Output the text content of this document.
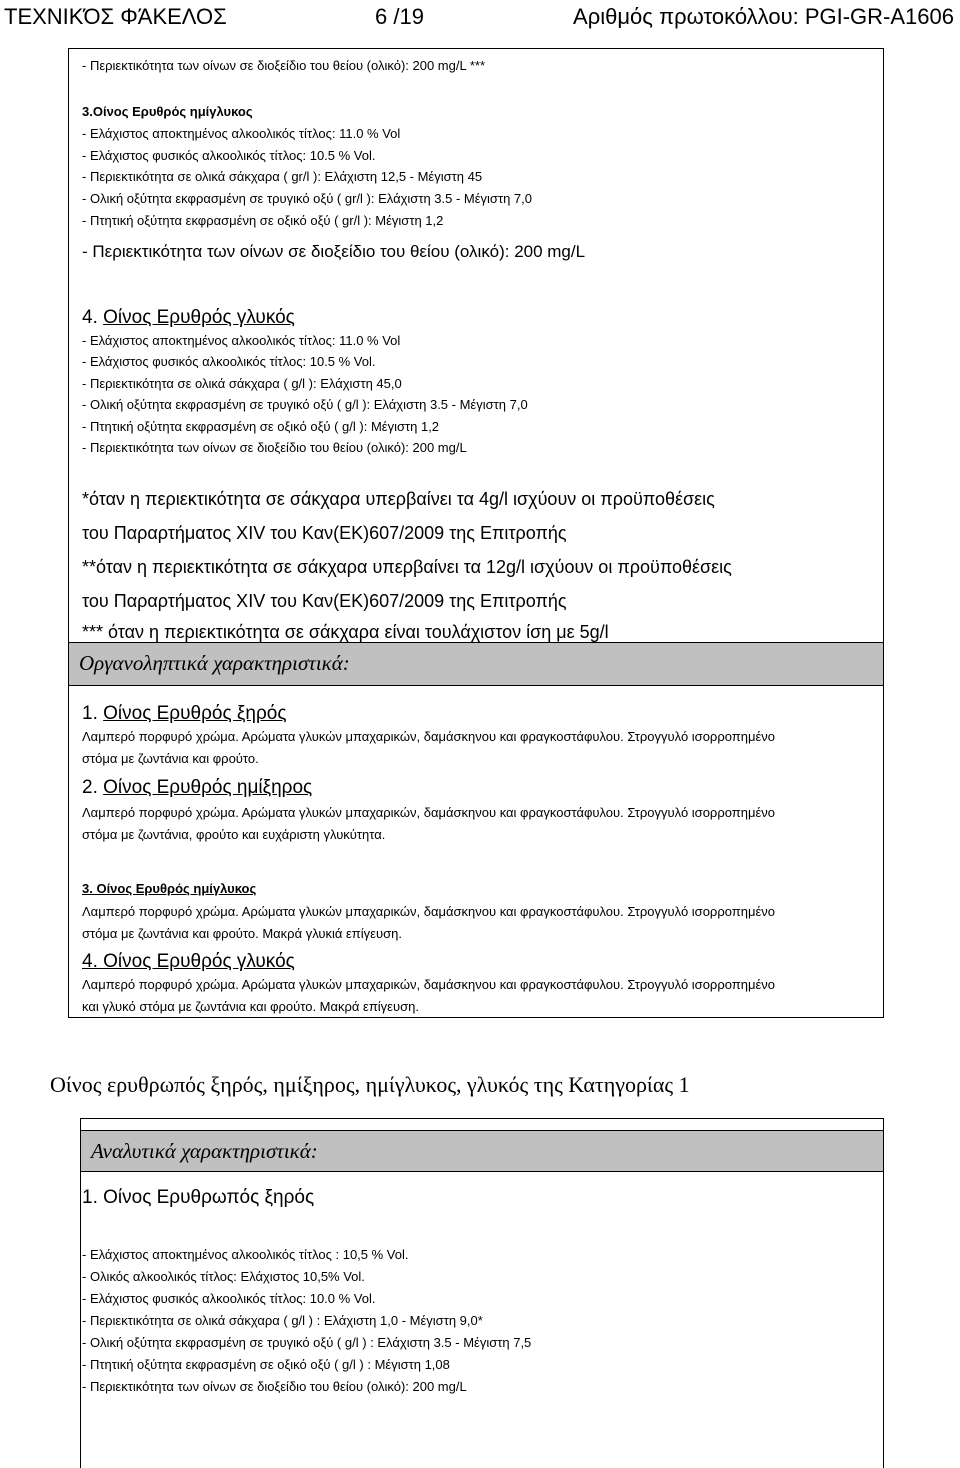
ΤΕΧΝΙΚΌΣ ΦΆΚΕΛΟΣ	6 /19	Αριθμός πρωτοκόλλου: PGI-GR-A1606
- Περιεκτικότητα των οίνων σε διοξείδιο του θείου (ολικό): 200 mg/L ***
3.Οίνος Ερυθρός ημίγλυκος
- Ελάχιστος αποκτημένος αλκοολικός τίτλος: 11.0 % Vol
- Ελάχιστος φυσικός αλκοολικός τίτλος: 10.5 % Vol.
- Περιεκτικότητα σε ολικά σάκχαρα ( gr/l ): Ελάχιστη 12,5 - Μέγιστη 45
- Ολική οξύτητα εκφρασμένη σε τρυγικό οξύ ( gr/l ): Ελάχιστη 3.5 - Μέγιστη 7,0
- Πτητική οξύτητα εκφρασμένη σε οξικό οξύ ( gr/l ): Μέγιστη 1,2
- Περιεκτικότητα των οίνων σε διοξείδιο του θείου (ολικό): 200 mg/L
4. Οίνος Ερυθρός γλυκός
- Ελάχιστος αποκτημένος αλκοολικός τίτλος: 11.0 % Vol
- Ελάχιστος φυσικός αλκοολικός τίτλος: 10.5 % Vol.
- Περιεκτικότητα σε ολικά σάκχαρα ( g/l ): Ελάχιστη 45,0
- Ολική οξύτητα εκφρασμένη σε τρυγικό οξύ ( g/l ): Ελάχιστη 3.5 - Μέγιστη 7,0
- Πτητική οξύτητα εκφρασμένη σε οξικό οξύ ( g/l ): Μέγιστη 1,2
- Περιεκτικότητα των οίνων σε διοξείδιο του θείου (ολικό): 200 mg/L
*όταν η περιεκτικότητα σε σάκχαρα υπερβαίνει τα 4g/l ισχύουν οι προϋποθέσεις
του Παραρτήματος XIV του Καν(ΕΚ)607/2009 της Επιτροπής
**όταν η περιεκτικότητα σε σάκχαρα υπερβαίνει τα 12g/l ισχύουν οι προϋποθέσεις
του Παραρτήματος XIV του Καν(ΕΚ)607/2009 της Επιτροπής
*** όταν η περιεκτικότητα σε σάκχαρα είναι τουλάχιστον ίση με 5g/l
Οργανοληπτικά χαρακτηριστικά:
1. Οίνος Ερυθρός ξηρός
Λαμπερό πορφυρό χρώμα. Αρώματα γλυκών μπαχαρικών, δαμάσκηνου και φραγκοστάφυλου. Στρογγυλό ισορροπημένο
στόμα με ζωντάνια και φρούτο.
2. Οίνος Ερυθρός ημίξηρος
Λαμπερό πορφυρό χρώμα. Αρώματα γλυκών μπαχαρικών, δαμάσκηνου και φραγκοστάφυλου. Στρογγυλό ισορροπημένο
στόμα με ζωντάνια, φρούτο και ευχάριστη γλυκύτητα.
3. Οίνος Ερυθρός ημίγλυκος
Λαμπερό πορφυρό χρώμα. Αρώματα γλυκών μπαχαρικών, δαμάσκηνου και φραγκοστάφυλου. Στρογγυλό ισορροπημένο
στόμα με ζωντάνια και φρούτο. Μακρά γλυκιά επίγευση.
4. Οίνος Ερυθρός γλυκός
Λαμπερό πορφυρό χρώμα. Αρώματα γλυκών μπαχαρικών, δαμάσκηνου και φραγκοστάφυλου. Στρογγυλό ισορροπημένο
και γλυκό στόμα με ζωντάνια και φρούτο. Μακρά επίγευση.
Οίνος ερυθρωπός ξηρός, ημίξηρος, ημίγλυκος, γλυκός της Κατηγορίας 1
Αναλυτικά χαρακτηριστικά:
1. Οίνος Ερυθρωπός ξηρός
- Ελάχιστος αποκτημένος αλκοολικός τίτλος : 10,5 % Vol.
- Ολικός αλκοολικός τίτλος: Ελάχιστος 10,5% Vol.
- Ελάχιστος φυσικός αλκοολικός τίτλος: 10.0 % Vol.
- Περιεκτικότητα σε ολικά σάκχαρα ( g/l ) : Ελάχιστη 1,0 - Μέγιστη 9,0*
- Ολική οξύτητα εκφρασμένη σε τρυγικό οξύ ( g/l ) : Ελάχιστη 3.5 - Μέγιστη 7,5
- Πτητική οξύτητα εκφρασμένη σε οξικό οξύ ( g/l ) : Μέγιστη 1,08
- Περιεκτικότητα των οίνων σε διοξείδιο του θείου (ολικό): 200 mg/L
